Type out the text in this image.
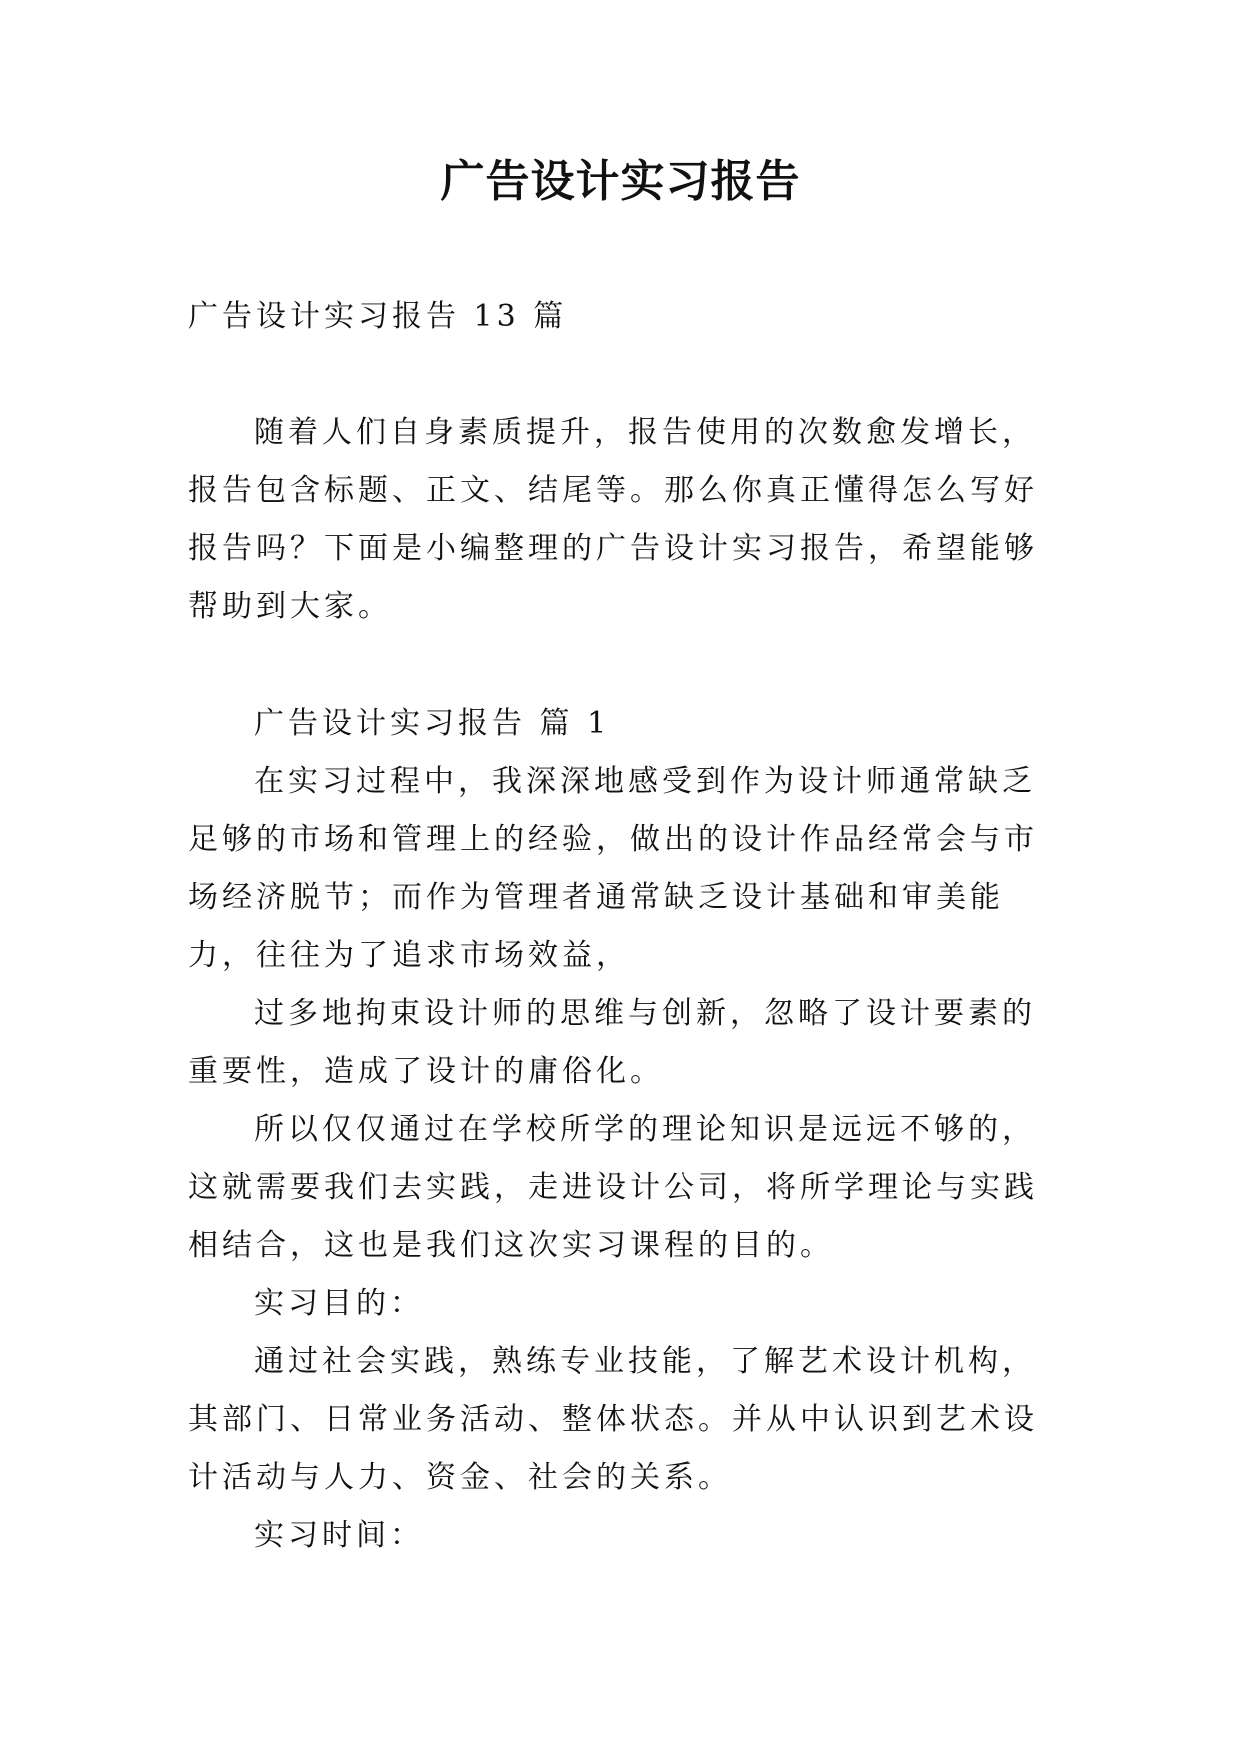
广告设计实习报告

广告设计实习报告 13 篇

随着人们自身素质提升，报告使用的次数愈发增长，报告包含标题、正文、结尾等。那么你真正懂得怎么写好报告吗？下面是小编整理的广告设计实习报告，希望能够帮助到大家。

广告设计实习报告 篇 1

在实习过程中，我深深地感受到作为设计师通常缺乏足够的市场和管理上的经验，做出的设计作品经常会与市场经济脱节；而作为管理者通常缺乏设计基础和审美能力，往往为了追求市场效益，

过多地拘束设计师的思维与创新，忽略了设计要素的重要性，造成了设计的庸俗化。

所以仅仅通过在学校所学的理论知识是远远不够的，这就需要我们去实践，走进设计公司，将所学理论与实践相结合，这也是我们这次实习课程的目的。

实习目的：

通过社会实践，熟练专业技能，了解艺术设计机构，其部门、日常业务活动、整体状态。并从中认识到艺术设计活动与人力、资金、社会的关系。

实习时间：
